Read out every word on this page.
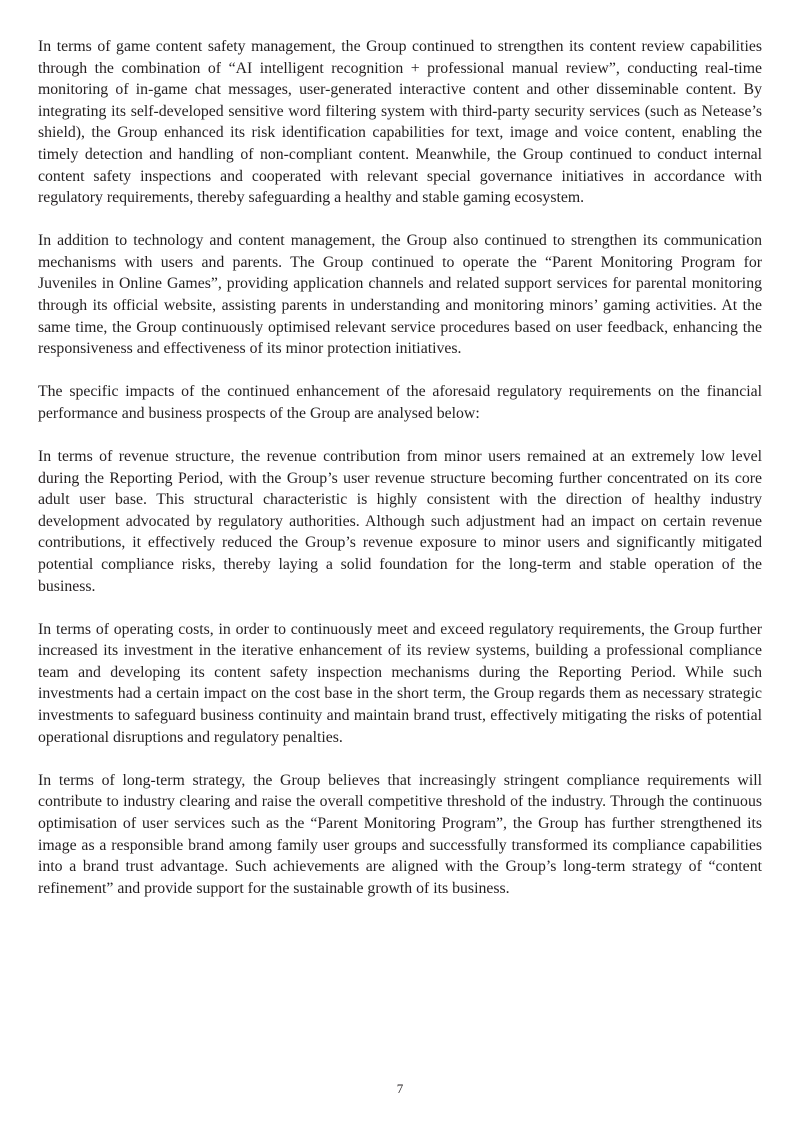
In terms of game content safety management, the Group continued to strengthen its content review capabilities through the combination of “AI intelligent recognition + professional manual review”, conducting real-time monitoring of in-game chat messages, user-generated interactive content and other disseminable content. By integrating its self-developed sensitive word filtering system with third-party security services (such as Netease’s shield), the Group enhanced its risk identification capabilities for text, image and voice content, enabling the timely detection and handling of non-compliant content. Meanwhile, the Group continued to conduct internal content safety inspections and cooperated with relevant special governance initiatives in accordance with regulatory requirements, thereby safeguarding a healthy and stable gaming ecosystem.

In addition to technology and content management, the Group also continued to strengthen its communication mechanisms with users and parents. The Group continued to operate the “Parent Monitoring Program for Juveniles in Online Games”, providing application channels and related support services for parental monitoring through its official website, assisting parents in understanding and monitoring minors’ gaming activities. At the same time, the Group continuously optimised relevant service procedures based on user feedback, enhancing the responsiveness and effectiveness of its minor protection initiatives.

The specific impacts of the continued enhancement of the aforesaid regulatory requirements on the financial performance and business prospects of the Group are analysed below:

In terms of revenue structure, the revenue contribution from minor users remained at an extremely low level during the Reporting Period, with the Group’s user revenue structure becoming further concentrated on its core adult user base. This structural characteristic is highly consistent with the direction of healthy industry development advocated by regulatory authorities. Although such adjustment had an impact on certain revenue contributions, it effectively reduced the Group’s revenue exposure to minor users and significantly mitigated potential compliance risks, thereby laying a solid foundation for the long-term and stable operation of the business.

In terms of operating costs, in order to continuously meet and exceed regulatory requirements, the Group further increased its investment in the iterative enhancement of its review systems, building a professional compliance team and developing its content safety inspection mechanisms during the Reporting Period. While such investments had a certain impact on the cost base in the short term, the Group regards them as necessary strategic investments to safeguard business continuity and maintain brand trust, effectively mitigating the risks of potential operational disruptions and regulatory penalties.

In terms of long-term strategy, the Group believes that increasingly stringent compliance requirements will contribute to industry clearing and raise the overall competitive threshold of the industry. Through the continuous optimisation of user services such as the “Parent Monitoring Program”, the Group has further strengthened its image as a responsible brand among family user groups and successfully transformed its compliance capabilities into a brand trust advantage. Such achievements are aligned with the Group’s long-term strategy of “content refinement” and provide support for the sustainable growth of its business.

7
